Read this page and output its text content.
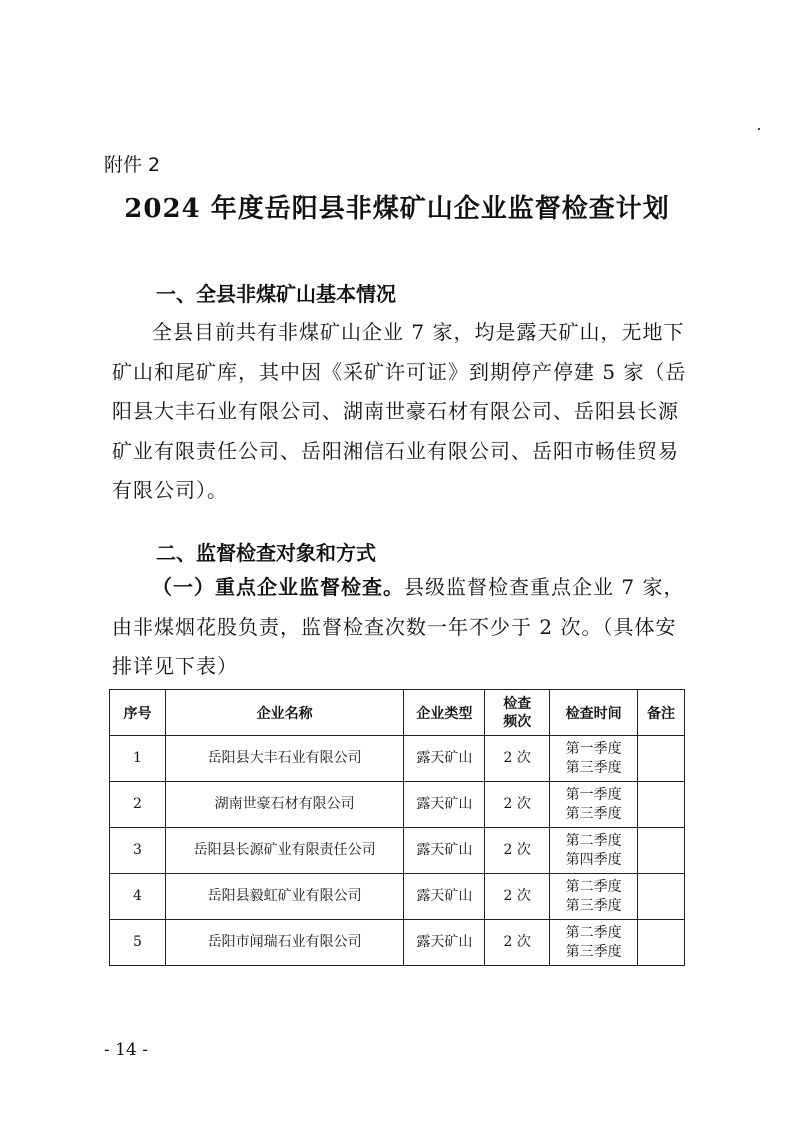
附件 2
2024 年度岳阳县非煤矿山企业监督检查计划
一、全县非煤矿山基本情况
全县目前共有非煤矿山企业 7 家，均是露天矿山，无地下矿山和尾矿库，其中因《采矿许可证》到期停产停建 5 家（岳阳县大丰石业有限公司、湖南世豪石材有限公司、岳阳县长源矿业有限责任公司、岳阳湘信石业有限公司、岳阳市畅佳贸易有限公司）。
二、监督检查对象和方式
（一）重点企业监督检查。县级监督检查重点企业 7 家，由非煤烟花股负责，监督检查次数一年不少于 2 次。（具体安排详见下表）
序号	企业名称	企业类型	检查频次	检查时间	备注
1	岳阳县大丰石业有限公司	露天矿山	2 次	第一季度
第三季度	

2	湖南世豪石材有限公司	露天矿山	2 次	第一季度
第三季度	

3	岳阳县长源矿业有限责任公司	露天矿山	2 次	第二季度
第四季度	

4	岳阳县毅虹矿业有限公司	露天矿山	2 次	第二季度
第三季度	

5	岳阳市闻瑞石业有限公司	露天矿山	2 次	第二季度
第三季度	

- 14 -
